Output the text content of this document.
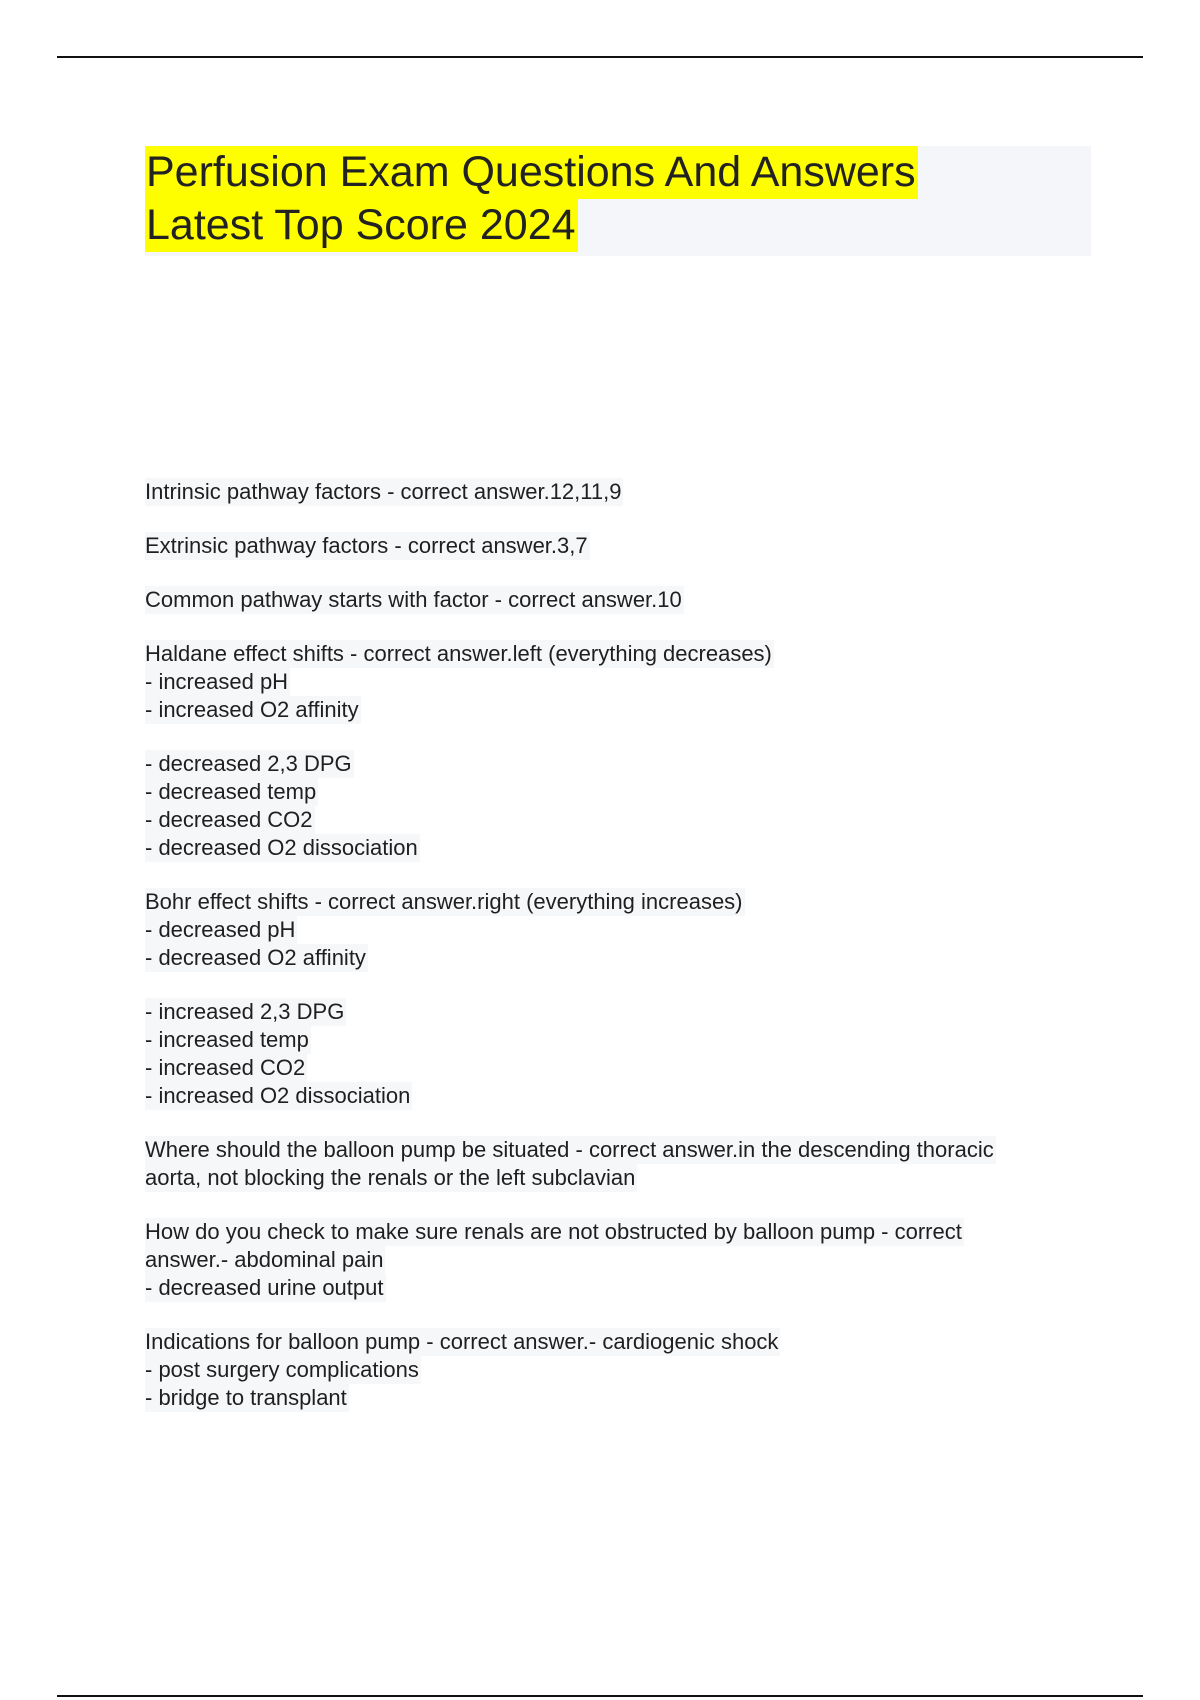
Perfusion Exam Questions And Answers
Latest Top Score 2024
Intrinsic pathway factors - correct answer.12,11,9
Extrinsic pathway factors - correct answer.3,7
Common pathway starts with factor - correct answer.10
Haldane effect shifts - correct answer.left (everything decreases)
- increased pH
- increased O2 affinity
- decreased 2,3 DPG
- decreased temp
- decreased CO2
- decreased O2 dissociation
Bohr effect shifts - correct answer.right (everything increases)
- decreased pH
- decreased O2 affinity
- increased 2,3 DPG
- increased temp
- increased CO2
- increased O2 dissociation
Where should the balloon pump be situated - correct answer.in the descending thoracic
aorta, not blocking the renals or the left subclavian
How do you check to make sure renals are not obstructed by balloon pump - correct
answer.- abdominal pain
- decreased urine output
Indications for balloon pump - correct answer.- cardiogenic shock
- post surgery complications
- bridge to transplant
